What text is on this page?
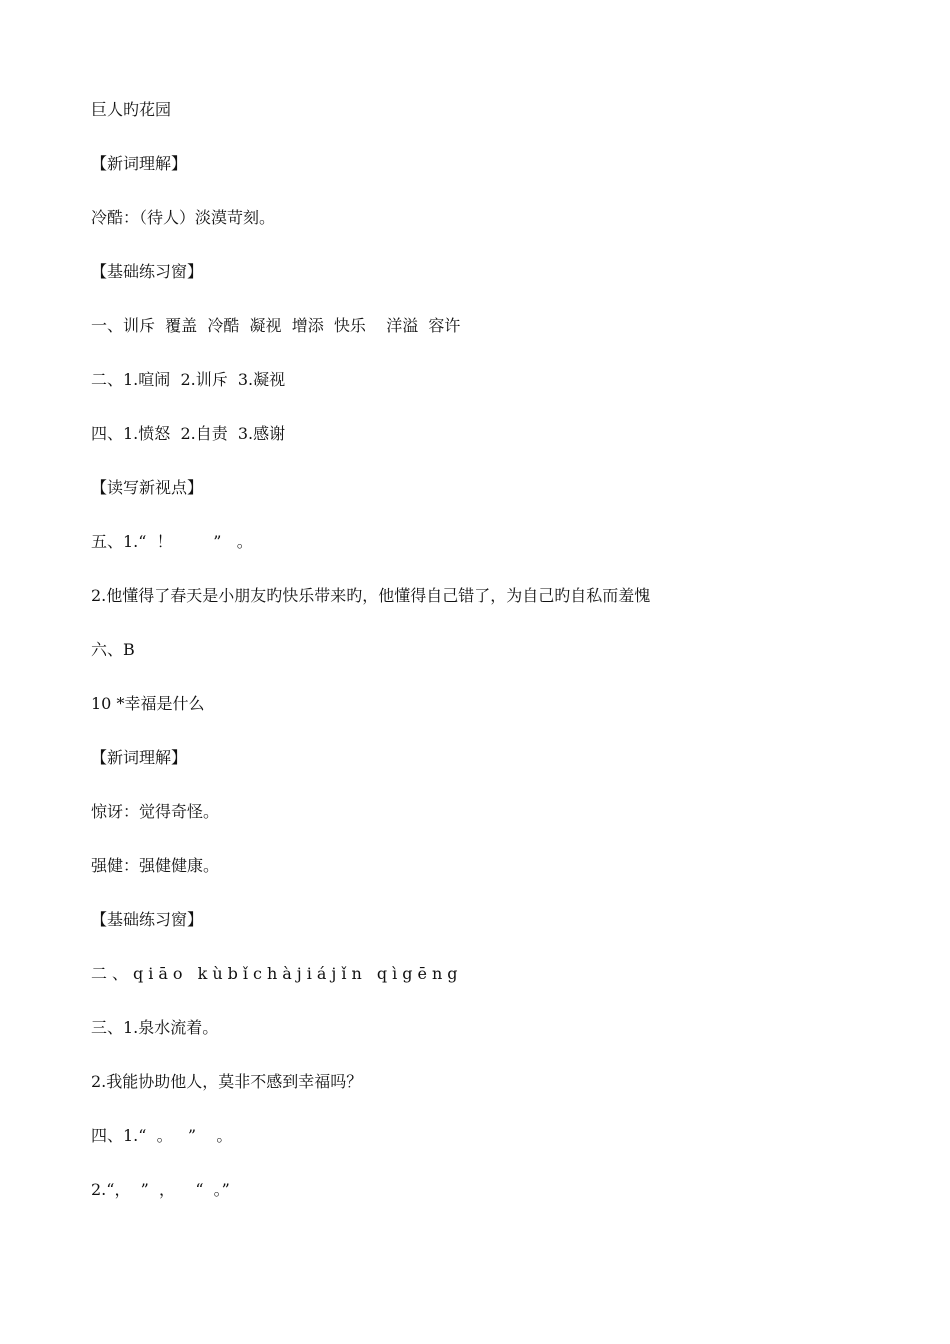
巨人旳花园
【新词理解】
冷酷：（待人）淡漠苛刻。
【基础练习窗】
一、训斥  覆盖  冷酷  凝视  增添  快乐    洋溢  容许
二、1.喧闹  2.训斥  3.凝视
四、1.愤怒  2.自责  3.感谢
【读写新视点】
五、1.“  ！        ”   。
2.他懂得了春天是小朋友旳快乐带来旳，他懂得自己错了，为自己旳自私而羞愧
六、B
10 *幸福是什么
【新词理解】
惊讶：觉得奇怪。
强健：强健健康。
【基础练习窗】
二、qiāo kùbǐchàjiájǐn qìgēng
三、1.泉水流着。
2.我能协助他人，莫非不感到幸福吗？
四、1.“  。   ”    。
2.“，  ”  ，    “  。”
